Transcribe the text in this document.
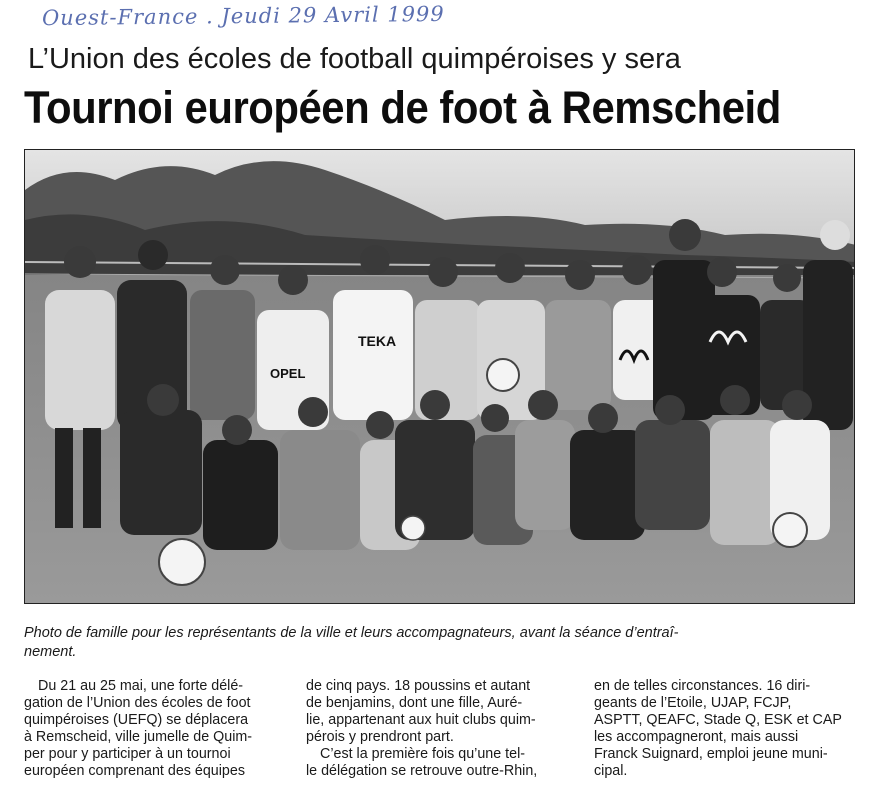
Ouest-France . Jeudi 29 Avril 1999
L’Union des écoles de football quimpéroises y sera
Tournoi européen de foot à Remscheid
TEKA
OPEL
Photo de famille pour les représentants de la ville et leurs accompagnateurs, avant la séance d’entraî-
nement.
Du 21 au 25 mai, une forte délé-
gation de l’Union des écoles de foot
quimpéroises (UEFQ) se déplacera
à Remscheid, ville jumelle de Quim-
per pour y participer à un tournoi
européen comprenant des équipes
de cinq pays. 18 poussins et autant
de benjamins, dont une fille, Auré-
lie, appartenant aux huit clubs quim-
pérois y prendront part.
C’est la première fois qu’une tel-
le délégation se retrouve outre-Rhin,
en de telles circonstances. 16 diri-
geants de l’Etoile, UJAP, FCJP,
ASPTT, QEAFC, Stade Q, ESK et CAP
les accompagneront, mais aussi
Franck Suignard, emploi jeune muni-
cipal.
